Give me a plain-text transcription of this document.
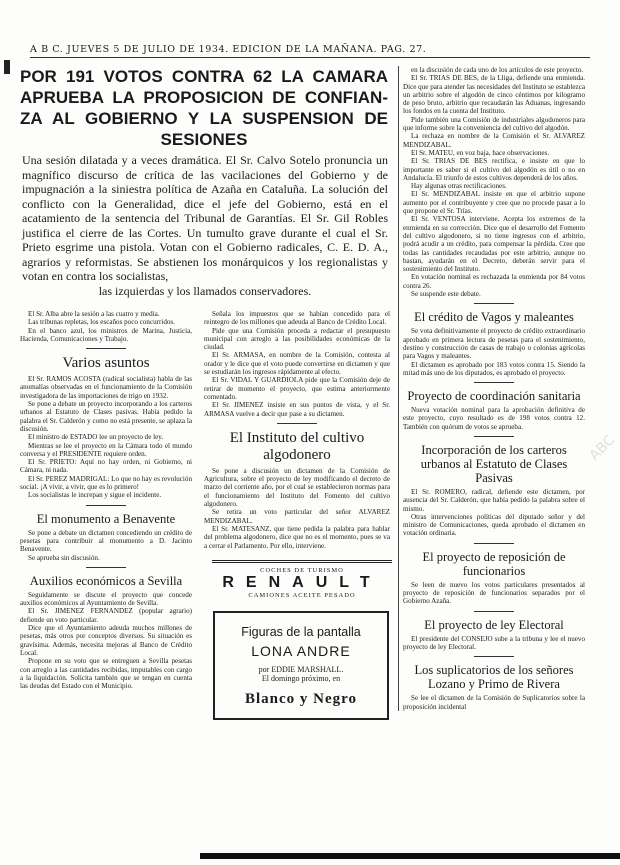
A B C. JUEVES 5 DE JULIO DE 1934. EDICION DE LA MAÑANA. PAG. 27.
POR 191 VOTOS CONTRA 62 LA CAMARA
APRUEBA LA PROPOSICION DE CONFIAN-
ZA AL GOBIERNO Y LA SUSPENSION DE
SESIONES
Una sesión dilatada y a veces dramática. El Sr. Calvo Sotelo pronuncia un magnífico discurso de crítica de las vacilaciones del Gobierno y de impugnación a la siniestra política de Azaña en Cataluña. La solución del conflicto con la Generalidad, dice el jefe del Gobierno, está en el acatamiento de la sentencia del Tribunal de Garantías. El Sr. Gil Robles justifica el cierre de las Cortes. Un tumulto grave durante el cual el Sr. Prieto esgrime una pistola. Votan con el Gobierno radicales, C. E. D. A., agrarios y reformistas. Se abstienen los monárquicos y los regionalistas y votan en contra los socialistas,
las izquierdas y los llamados conservadores.

El Sr. Alba abre la sesión a las cuatro y media.

Las tribunas repletas, los escaños poco concurridos.

En el banco azul, los ministros de Marina, Justicia, Hacienda, Comunicaciones y Trabajo.

Varios asuntos

El Sr. RAMOS ACOSTA (radical socialista) habla de las anomalías observadas en el funcionamiento de la Comisión investigadora de las importaciones de trigo en 1932.

Se pone a debate un proyecto incorporando a los carteros urbanos al Estatuto de Clases pasivas. Había pedido la palabra el Sr. Calderón y como no está presente, se aplaza la discusión.

El ministro de ESTADO lee un proyecto de ley.

Mientras se lee el proyecto en la Cámara todo el mundo conversa y el PRESIDENTE requiere orden.

El Sr. PRIETO: Aquí no hay orden, ni Gobierno, ni Cámara, ni nada.

El Sr. PEREZ MADRIGAL: Lo que no hay es revolución social. ¡A vivir, a vivir, que es lo primero!

Los socialistas le increpan y sigue el incidente.

El monumento a Benavente

Se pone a debate un dictamen concediendo un crédito de pesetas para contribuir al monumento a D. Jacinto Benavente.

Se aprueba sin discusión.

Auxilios económicos a Sevilla

Seguidamente se discute el proyecto que concede auxilios económicos al Ayuntamiento de Sevilla.

El Sr. JIMENEZ FERNANDEZ (popular agrario) defiende un voto particular.

Dice que el Ayuntamiento adeuda muchos millones de pesetas, más otros por conceptos diversos. Su situación es gravísima. Además, necesita mejoras al Banco de Crédito Local.

Propone en su voto que se entreguen a Sevilla pesetas con arreglo a las cantidades recibidas, imputables con cargo a la liquidación. Solicita también que se tengan en cuenta las deudas del Estado con el Municipio.

Señala los impuestos que se habían concedido para el reintegro de los millones que adeuda al Banco de Crédito Local.

Pide que una Comisión proceda a redactar el presupuesto municipal con arreglo a las posibilidades económicas de la ciudad.

El Sr. ARMASA, en nombre de la Comisión, contesta al orador y le dice que el voto puede convertirse en dictamen y que se estudiarán los ingresos rápidamente al efecto.

El Sr. VIDAL Y GUARDIOLA pide que la Comisión deje de retirar de momento el proyecto, que estima anteriormente comentado.

El Sr. JIMENEZ insiste en sus puntos de vista, y el Sr. ARMASA vuelve a decir que pase a su dictamen.

El Instituto del cultivo algodonero

Se pone a discusión un dictamen de la Comisión de Agricultura, sobre el proyecto de ley modificando el decreto de marzo del corriente año, por el cual se establecieron normas para el funcionamiento del Instituto del Fomento del cultivo algodonero.

Se retira un voto particular del señor ALVAREZ MENDIZABAL.

El Sr. MATESANZ, que tiene pedida la palabra para hablar del problema algodonero, dice que no es el momento, pues se va a cerrar el Parlamento. Por ello, interviene.

COCHES DE TURISMO
RENAULT
CAMIONES ACEITE PESADO
Figuras de la pantalla
LONA ANDRE
por EDDIE MARSHALL.
El domingo próximo, en
Blanco y Negro

en la discusión de cada uno de los artículos de este proyecto.

El Sr. TRIAS DE BES, de la Lliga, defiende una enmienda. Dice que para atender las necesidades del Instituto se establezca un arbitrio sobre el algodón de cinco céntimos por kilogramo de peso bruto, arbitrio que recaudarán las Aduanas, ingresando los fondos en la cuenta del Instituto.

Pide también una Comisión de industriales algodoneros para que informe sobre la conveniencia del cultivo del algodón.

La rechaza en nombre de la Comisión el Sr. ALVAREZ MENDIZABAL.

El Sr. MATEU, en voz baja, hace observaciones.

El Sr. TRIAS DE BES rectifica, e insiste en que lo importante es saber si el cultivo del algodón es útil o no en Andalucía. El triunfo de estos cultivos dependerá de los años.

Hay algunas otras rectificaciones.

El Sr. MENDIZABAL insiste en que el arbitrio supone aumento por el contribuyente y cree que no procede pasar a lo que propone el Sr. Trías.

El Sr. VENTOSA interviene. Acepta los extremos de la enmienda en su corrección. Dice que el desarrollo del Fomento del cultivo algodonero, si no tiene ingresos con el arbitrio, podrá acudir a un crédito, para compensar la pérdida. Cree que todas las cantidades recaudadas por este arbitrio, aunque no bastan, ayudarán en el Decreto, deberán servir para el sostenimiento del Instituto.

En votación nominal es rechazada la enmienda por 84 votos contra 26.

Se suspende este debate.

El crédito de Vagos y maleantes

Se vota definitivamente el proyecto de crédito extraordinario aprobado en primera lectura de pesetas para el sostenimiento, destino y construcción de casas de trabajo o colonias agrícolas para Vagos y maleantes.

El dictamen es aprobado por 183 votos contra 15. Siendo la mitad más uno de los diputados, es aprobado el proyecto.

Proyecto de coordinación sanitaria

Nueva votación nominal para la aprobación definitiva de este proyecto, cuyo resultado es de 198 votos contra 12. También con quórum de votos se aprueba.

Incorporación de los carteros urbanos al Estatuto de Clases Pasivas

El Sr. ROMERO, radical, defiende este dictamen, por ausencia del Sr. Calderón, que había pedido la palabra sobre el mismo.

Otras intervenciones políticas del diputado señor y del ministro de Comunicaciones, queda aprobado el dictamen en votación ordinaria.

El proyecto de reposición de funcionarios

Se leen de nuevo los votos particulares presentados al proyecto de reposición de funcionarios separados por el Gobierno Azaña.

El proyecto de ley Electoral

El presidente del CONSEJO sube a la tribuna y lee el nuevo proyecto de ley Electoral.

Los suplicatorios de los señores Lozano y Primo de Rivera

Se lee el dictamen de la Comisión de Suplicatorios sobre la proposición incidental

ABC
